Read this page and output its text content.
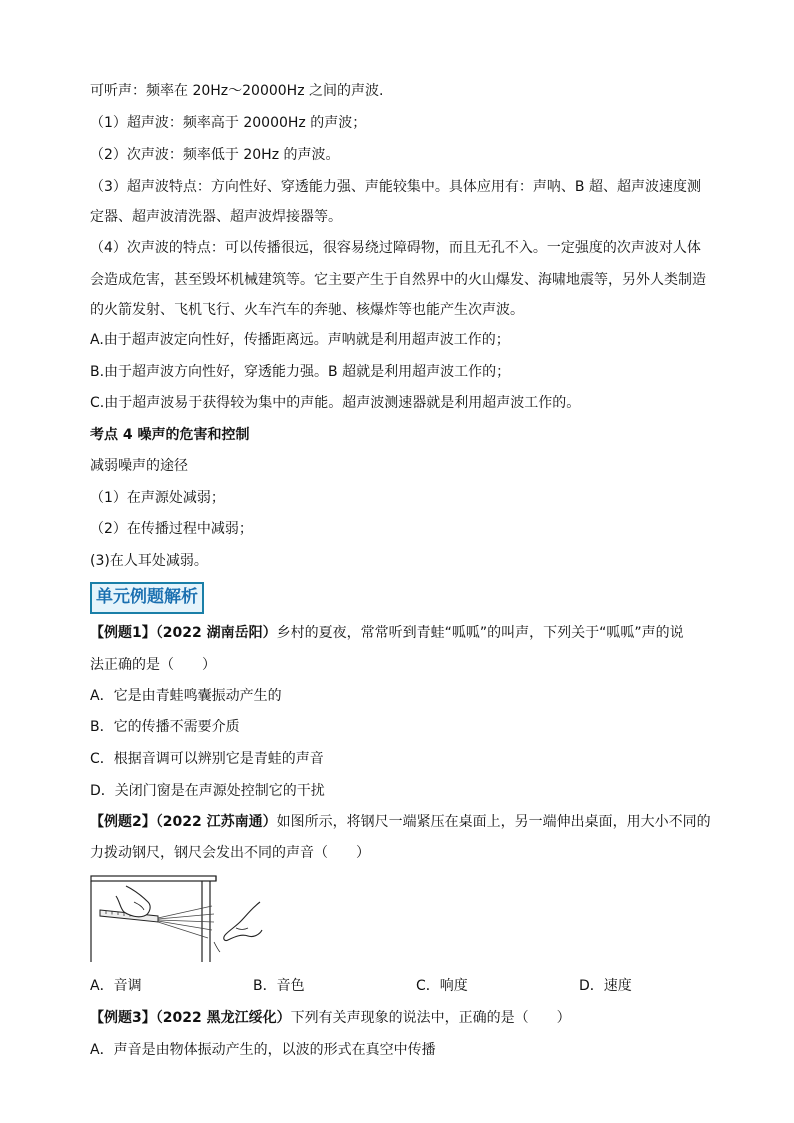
可听声：频率在 20Hz～20000Hz 之间的声波.
（1）超声波：频率高于 20000Hz 的声波；
（2）次声波：频率低于 20Hz 的声波。
（3）超声波特点：方向性好、穿透能力强、声能较集中。具体应用有：声呐、B 超、超声波速度测
定器、超声波清洗器、超声波焊接器等。
（4）次声波的特点：可以传播很远，很容易绕过障碍物，而且无孔不入。一定强度的次声波对人体
会造成危害，甚至毁坏机械建筑等。它主要产生于自然界中的火山爆发、海啸地震等，另外人类制造
的火箭发射、飞机飞行、火车汽车的奔驰、核爆炸等也能产生次声波。
A.由于超声波定向性好，传播距离远。声呐就是利用超声波工作的；
B.由于超声波方向性好，穿透能力强。B 超就是利用超声波工作的；
C.由于超声波易于获得较为集中的声能。超声波测速器就是利用超声波工作的。
考点 4 噪声的危害和控制
减弱噪声的途径
（1）在声源处减弱；
（2）在传播过程中减弱；
(3)在人耳处减弱。
单元例题解析
【例题1】（2022 湖南岳阳）乡村的夏夜，常常听到青蛙“呱呱”的叫声，下列关于“呱呱”声的说
法正确的是（　　）
A．它是由青蛙鸣囊振动产生的
B．它的传播不需要介质
C．根据音调可以辨别它是青蛙的声音
D．关闭门窗是在声源处控制它的干扰
【例题2】（2022 江苏南通）如图所示，将钢尺一端紧压在桌面上，另一端伸出桌面，用大小不同的
力拨动钢尺，钢尺会发出不同的声音（　　）
A．音调	B．音色	C．响度	D．速度
【例题3】（2022 黑龙江绥化）下列有关声现象的说法中，正确的是（　　）
A．声音是由物体振动产生的，以波的形式在真空中传播
